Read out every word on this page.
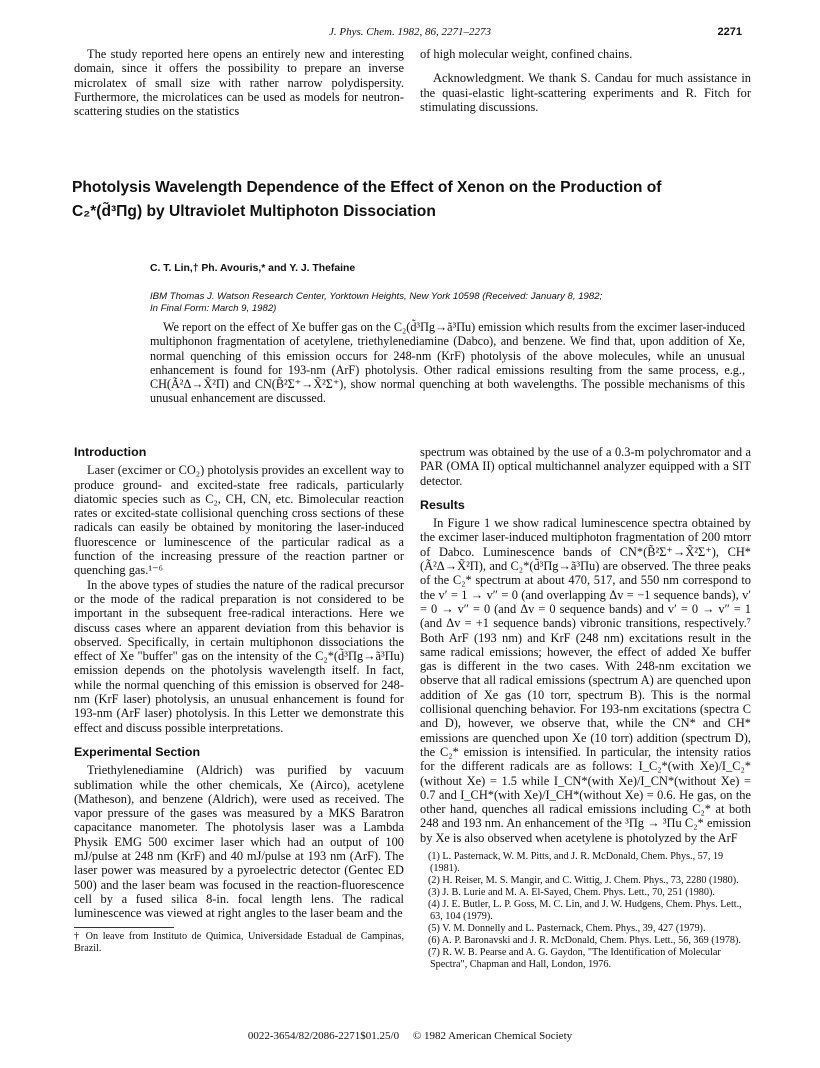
J. Phys. Chem. 1982, 86, 2271–2273	2271

The study reported here opens an entirely new and interesting domain, since it offers the possibility to prepare an inverse microlatex of small size with rather narrow polydispersity. Furthermore, the microlatices can be used as models for neutron-scattering studies on the statistics

of high molecular weight, confined chains.

Acknowledgment. We thank S. Candau for much assistance in the quasi-elastic light-scattering experiments and R. Fitch for stimulating discussions.

Photolysis Wavelength Dependence of the Effect of Xenon on the Production of
C₂*(d̃³Πg) by Ultraviolet Multiphoton Dissociation
C. T. Lin,† Ph. Avouris,* and Y. J. Thefaine
IBM Thomas J. Watson Research Center, Yorktown Heights, New York 10598 (Received: January 8, 1982;
In Final Form: March 9, 1982)

We report on the effect of Xe buffer gas on the C₂(d̃³Πg→ã³Πu) emission which results from the excimer laser-induced multiphonon fragmentation of acetylene, triethylenediamine (Dabco), and benzene. We find that, upon addition of Xe, normal quenching of this emission occurs for 248-nm (KrF) photolysis of the above molecules, while an unusual enhancement is found for 193-nm (ArF) photolysis. Other radical emissions resulting from the same process, e.g., CH(Ã²Δ→X̃²Π) and CN(B̃²Σ⁺→X̃²Σ⁺), show normal quenching at both wavelengths. The possible mechanisms of this unusual enhancement are discussed.

Introduction

Laser (excimer or CO₂) photolysis provides an excellent way to produce ground- and excited-state free radicals, particularly diatomic species such as C₂, CH, CN, etc. Bimolecular reaction rates or excited-state collisional quenching cross sections of these radicals can easily be obtained by monitoring the laser-induced fluorescence or luminescence of the particular radical as a function of the increasing pressure of the reaction partner or quenching gas.¹⁻⁶

In the above types of studies the nature of the radical precursor or the mode of the radical preparation is not considered to be important in the subsequent free-radical interactions. Here we discuss cases where an apparent deviation from this behavior is observed. Specifically, in certain multiphonon dissociations the effect of Xe "buffer" gas on the intensity of the C₂*(d̃³Πg→ã³Πu) emission depends on the photolysis wavelength itself. In fact, while the normal quenching of this emission is observed for 248-nm (KrF laser) photolysis, an unusual enhancement is found for 193-nm (ArF laser) photolysis. In this Letter we demonstrate this effect and discuss possible interpretations.

Experimental Section

Triethylenediamine (Aldrich) was purified by vacuum sublimation while the other chemicals, Xe (Airco), acetylene (Matheson), and benzene (Aldrich), were used as received. The vapor pressure of the gases was measured by a MKS Baratron capacitance manometer. The photolysis laser was a Lambda Physik EMG 500 excimer laser which had an output of 100 mJ/pulse at 248 nm (KrF) and 40 mJ/pulse at 193 nm (ArF). The laser power was measured by a pyroelectric detector (Gentec ED 500) and the laser beam was focused in the reaction-fluorescence cell by a fused silica 8-in. focal length lens. The radical luminescence was viewed at right angles to the laser beam and the

† On leave from Instituto de Quimica, Universidade Estadual de Campinas, Brazil.

spectrum was obtained by the use of a 0.3-m polychromator and a PAR (OMA II) optical multichannel analyzer equipped with a SIT detector.

Results

In Figure 1 we show radical luminescence spectra obtained by the excimer laser-induced multiphoton fragmentation of 200 mtorr of Dabco. Luminescence bands of CN*(B̃²Σ⁺→X̃²Σ⁺), CH*(Ã²Δ→X̃²Π), and C₂*(d̃³Πg→ã³Πu) are observed. The three peaks of the C₂* spectrum at about 470, 517, and 550 nm correspond to the v′ = 1 → v″ = 0 (and overlapping Δv = −1 sequence bands), v′ = 0 → v″ = 0 (and Δv = 0 sequence bands) and v′ = 0 → v″ = 1 (and Δv = +1 sequence bands) vibronic transitions, respectively.⁷ Both ArF (193 nm) and KrF (248 nm) excitations result in the same radical emissions; however, the effect of added Xe buffer gas is different in the two cases. With 248-nm excitation we observe that all radical emissions (spectrum A) are quenched upon addition of Xe gas (10 torr, spectrum B). This is the normal collisional quenching behavior. For 193-nm excitations (spectra C and D), however, we observe that, while the CN* and CH* emissions are quenched upon Xe (10 torr) addition (spectrum D), the C₂* emission is intensified. In particular, the intensity ratios for the different radicals are as follows: I_C₂*(with Xe)/I_C₂*(without Xe) = 1.5 while I_CN*(with Xe)/I_CN*(without Xe) = 0.7 and I_CH*(with Xe)/I_CH*(without Xe) = 0.6. He gas, on the other hand, quenches all radical emissions including C₂* at both 248 and 193 nm. An enhancement of the ³Πg → ³Πu C₂* emission by Xe is also observed when acetylene is photolyzed by the ArF

(1) L. Pasternack, W. M. Pitts, and J. R. McDonald, Chem. Phys., 57, 19 (1981).
(2) H. Reiser, M. S. Mangir, and C. Wittig, J. Chem. Phys., 73, 2280 (1980).
(3) J. B. Lurie and M. A. El-Sayed, Chem. Phys. Lett., 70, 251 (1980).
(4) J. E. Butler, L. P. Goss, M. C. Lin, and J. W. Hudgens, Chem. Phys. Lett., 63, 104 (1979).
(5) V. M. Donnelly and L. Pasternack, Chem. Phys., 39, 427 (1979).
(6) A. P. Baronavski and J. R. McDonald, Chem. Phys. Lett., 56, 369 (1978).
(7) R. W. B. Pearse and A. G. Gaydon, "The Identification of Molecular Spectra", Chapman and Hall, London, 1976.
0022-3654/82/2086-2271$01.25/0 © 1982 American Chemical Society
